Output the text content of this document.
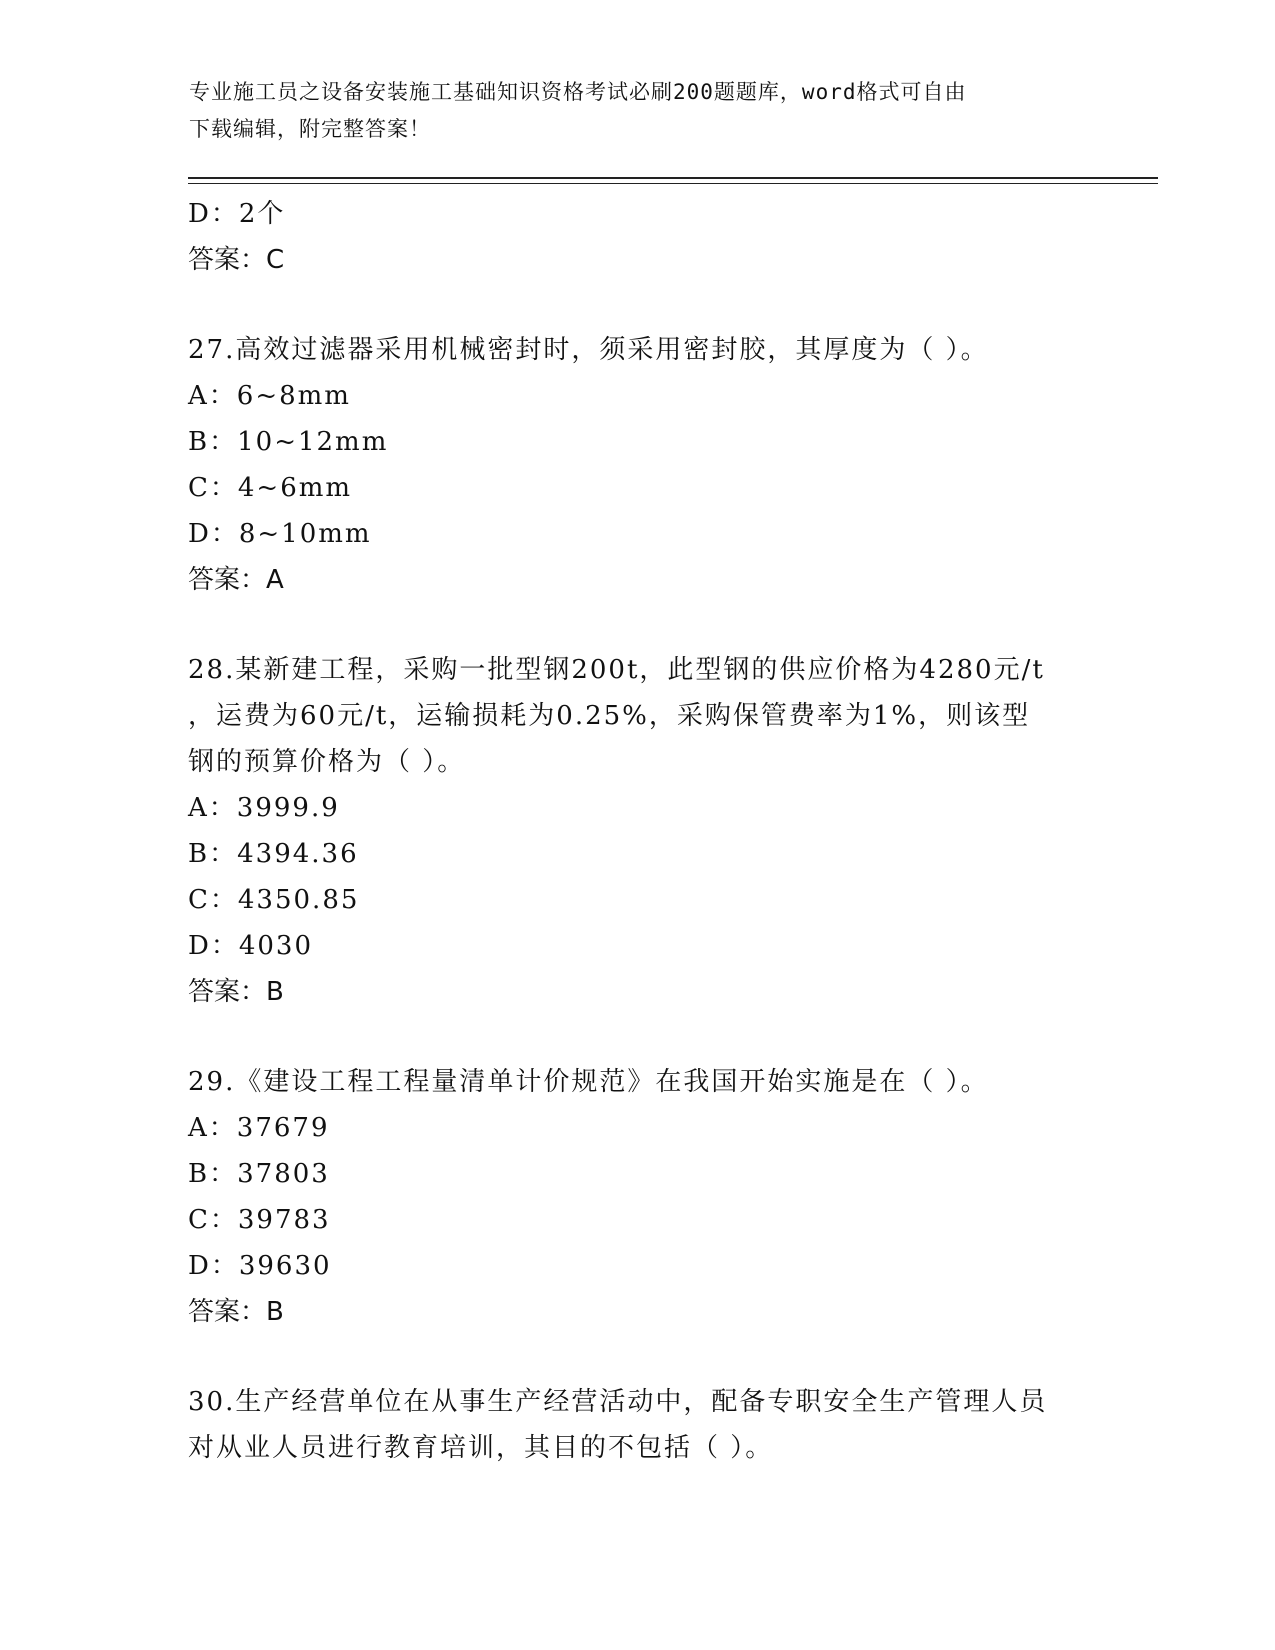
专业施工员之设备安装施工基础知识资格考试必刷200题题库，word格式可自由
下载编辑，附完整答案！
D：2个
答案：C
27.高效过滤器采用机械密封时，须采用密封胶，其厚度为（ ）。
A：6~8mm
B：10~12mm
C：4~6mm
D：8~10mm
答案：A
28.某新建工程，采购一批型钢200t，此型钢的供应价格为4280元/t
，运费为60元/t，运输损耗为0.25%，采购保管费率为1%，则该型
钢的预算价格为（ ）。
A：3999.9
B：4394.36
C：4350.85
D：4030
答案：B
29.《建设工程工程量清单计价规范》在我国开始实施是在（ ）。
A：37679
B：37803
C：39783
D：39630
答案：B
30.生产经营单位在从事生产经营活动中，配备专职安全生产管理人员
对从业人员进行教育培训，其目的不包括（ ）。
